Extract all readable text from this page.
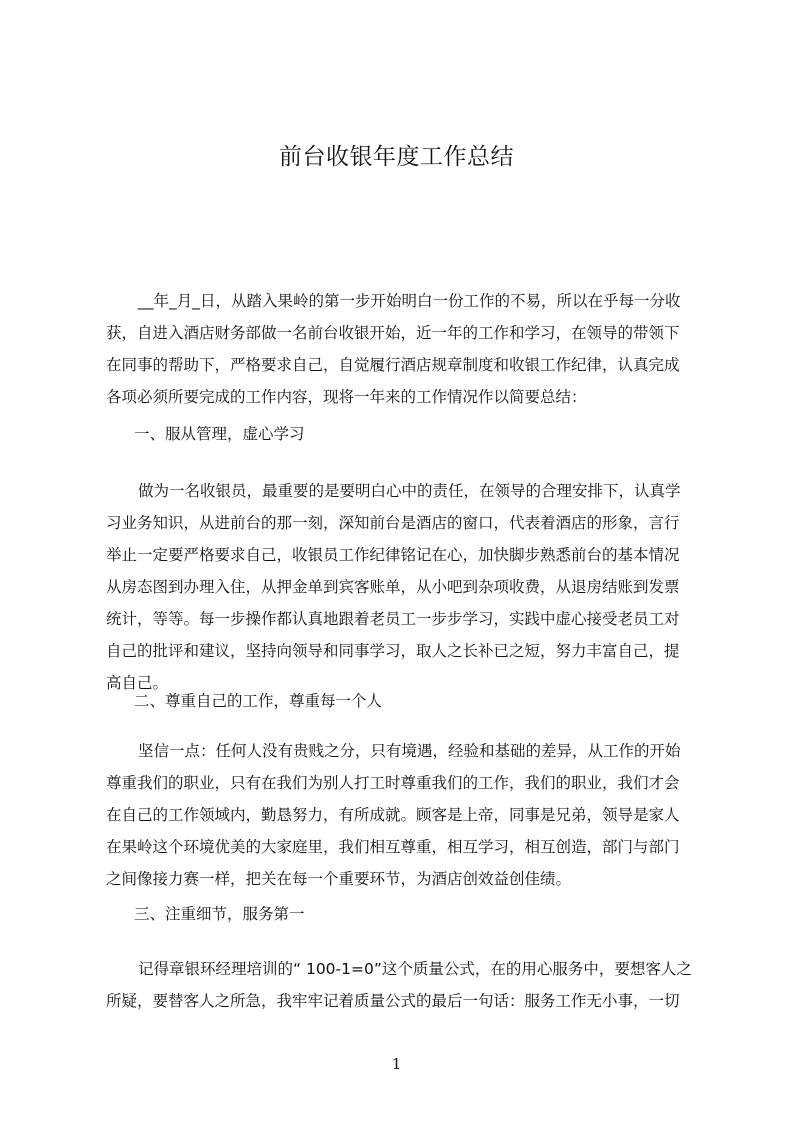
前台收银年度工作总结
__年_月_日，从踏入果岭的第一步开始明白一份工作的不易，所以在乎每一分收
获，自进入酒店财务部做一名前台收银开始，近一年的工作和学习，在领导的带领下
在同事的帮助下，严格要求自己，自觉履行酒店规章制度和收银工作纪律，认真完成
各项必须所要完成的工作内容，现将一年来的工作情况作以简要总结：
一、服从管理，虚心学习
做为一名收银员，最重要的是要明白心中的责任，在领导的合理安排下，认真学
习业务知识，从进前台的那一刻，深知前台是酒店的窗口，代表着酒店的形象，言行
举止一定要严格要求自己，收银员工作纪律铭记在心，加快脚步熟悉前台的基本情况
从房态图到办理入住，从押金单到宾客账单，从小吧到杂项收费，从退房结账到发票
统计，等等。每一步操作都认真地跟着老员工一步步学习，实践中虚心接受老员工对
自己的批评和建议，坚持向领导和同事学习，取人之长补已之短，努力丰富自己，提
高自己。
二、尊重自己的工作，尊重每一个人
坚信一点：任何人没有贵贱之分，只有境遇，经验和基础的差异，从工作的开始
尊重我们的职业，只有在我们为别人打工时尊重我们的工作，我们的职业，我们才会
在自己的工作领域内，勤恳努力，有所成就。顾客是上帝，同事是兄弟，领导是家人
在果岭这个环境优美的大家庭里，我们相互尊重，相互学习，相互创造，部门与部门
之间像接力赛一样，把关在每一个重要环节，为酒店创效益创佳绩。
三、注重细节，服务第一
记得章银环经理培训的“ 100-1=0”这个质量公式，在的用心服务中，要想客人之
所疑，要替客人之所急，我牢牢记着质量公式的最后一句话：服务工作无小事，一切
1
